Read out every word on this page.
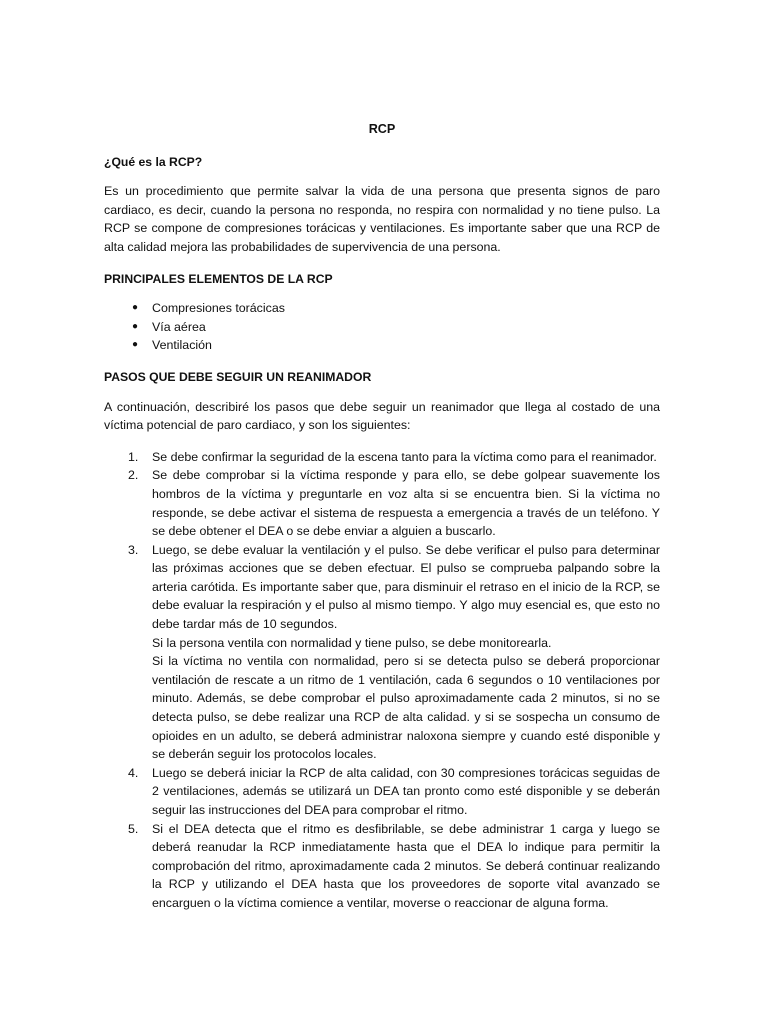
RCP
¿Qué es la RCP?
Es un procedimiento que permite salvar la vida de una persona que presenta signos de paro cardiaco, es decir, cuando la persona no responda, no respira con normalidad y no tiene pulso. La RCP se compone de compresiones torácicas y ventilaciones. Es importante saber que una RCP de alta calidad mejora las probabilidades de supervivencia de una persona.
PRINCIPALES ELEMENTOS DE LA RCP
● Compresiones torácicas
● Vía aérea
● Ventilación
PASOS QUE DEBE SEGUIR UN REANIMADOR
A continuación, describiré los pasos que debe seguir un reanimador que llega al costado de una víctima potencial de paro cardiaco, y son los siguientes:
1. Se debe confirmar la seguridad de la escena tanto para la víctima como para el reanimador.
2. Se debe comprobar si la víctima responde y para ello, se debe golpear suavemente los hombros de la víctima y preguntarle en voz alta si se encuentra bien. Si la víctima no responde, se debe activar el sistema de respuesta a emergencia a través de un teléfono. Y se debe obtener el DEA o se debe enviar a alguien a buscarlo.
3. Luego, se debe evaluar la ventilación y el pulso. Se debe verificar el pulso para determinar las próximas acciones que se deben efectuar. El pulso se comprueba palpando sobre la arteria carótida. Es importante saber que, para disminuir el retraso en el inicio de la RCP, se debe evaluar la respiración y el pulso al mismo tiempo. Y algo muy esencial es, que esto no debe tardar más de 10 segundos.
Si la persona ventila con normalidad y tiene pulso, se debe monitorearla.
Si la víctima no ventila con normalidad, pero si se detecta pulso se deberá proporcionar ventilación de rescate a un ritmo de 1 ventilación, cada 6 segundos o 10 ventilaciones por minuto. Además, se debe comprobar el pulso aproximadamente cada 2 minutos, si no se detecta pulso, se debe realizar una RCP de alta calidad. y si se sospecha un consumo de opioides en un adulto, se deberá administrar naloxona siempre y cuando esté disponible y se deberán seguir los protocolos locales.
4. Luego se deberá iniciar la RCP de alta calidad, con 30 compresiones torácicas seguidas de 2 ventilaciones, además se utilizará un DEA tan pronto como esté disponible y se deberán seguir las instrucciones del DEA para comprobar el ritmo.
5. Si el DEA detecta que el ritmo es desfibrilable, se debe administrar 1 carga y luego se deberá reanudar la RCP inmediatamente hasta que el DEA lo indique para permitir la comprobación del ritmo, aproximadamente cada 2 minutos. Se deberá continuar realizando la RCP y utilizando el DEA hasta que los proveedores de soporte vital avanzado se encarguen o la víctima comience a ventilar, moverse o reaccionar de alguna forma.
